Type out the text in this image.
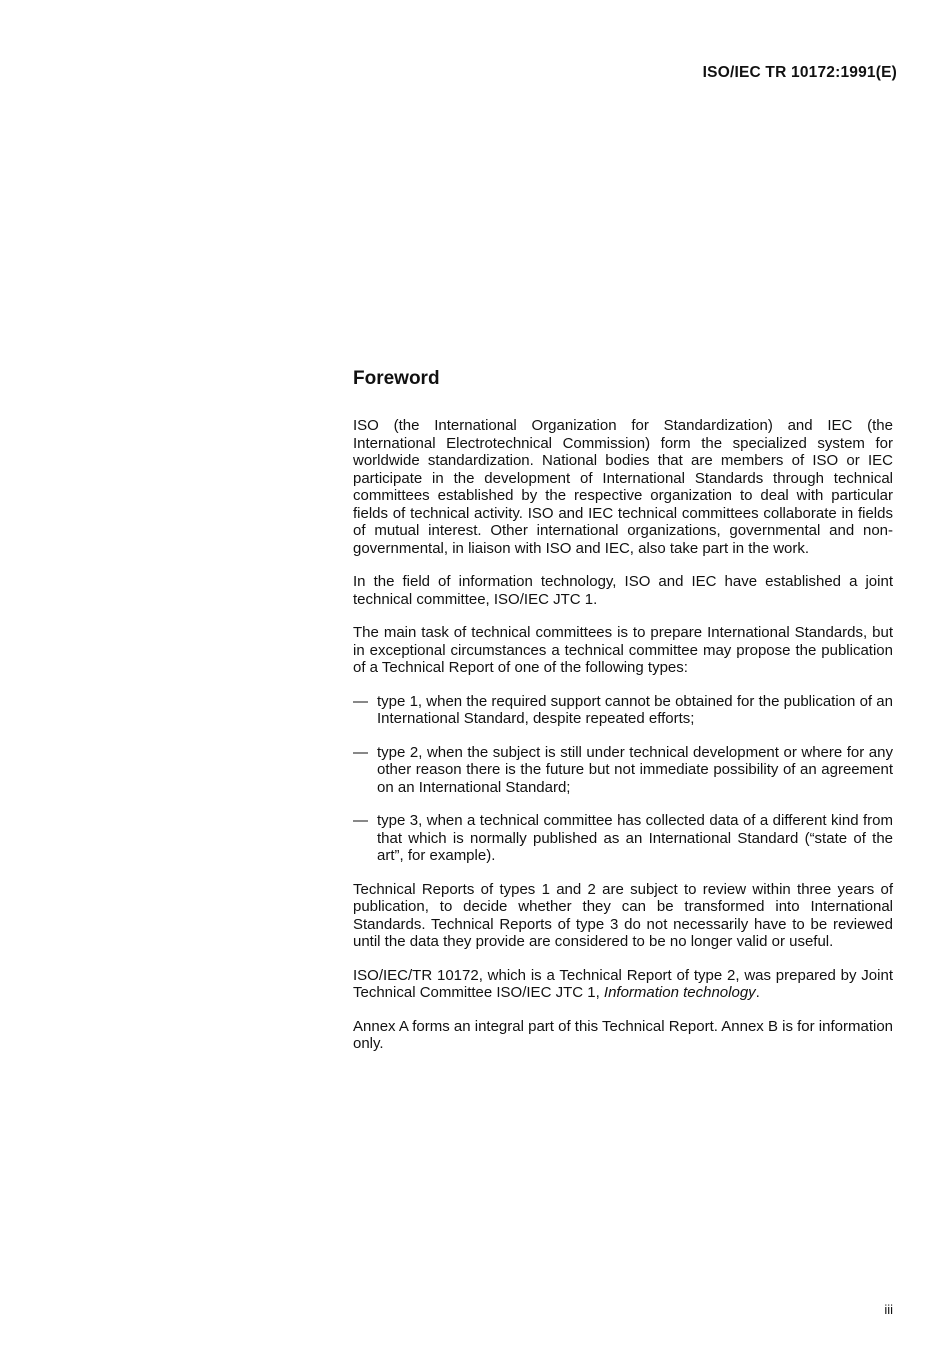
ISO/IEC TR 10172:1991(E)
Foreword

ISO (the International Organization for Standardization) and IEC (the International Electrotechnical Commission) form the specialized system for worldwide standardization. National bodies that are members of ISO or IEC participate in the development of International Standards through technical committees established by the respective organization to deal with particular fields of technical activity. ISO and IEC technical committees collaborate in fields of mutual interest. Other international organizations, governmental and non-governmental, in liaison with ISO and IEC, also take part in the work.

In the field of information technology, ISO and IEC have established a joint technical committee, ISO/IEC JTC 1.

The main task of technical committees is to prepare International Standards, but in exceptional circumstances a technical committee may propose the publication of a Technical Report of one of the following types:

— type 1, when the required support cannot be obtained for the publication of an International Standard, despite repeated efforts;
— type 2, when the subject is still under technical development or where for any other reason there is the future but not immediate possibility of an agreement on an International Standard;
— type 3, when a technical committee has collected data of a different kind from that which is normally published as an International Standard (“state of the art”, for example).

Technical Reports of types 1 and 2 are subject to review within three years of publication, to decide whether they can be transformed into International Standards. Technical Reports of type 3 do not necessarily have to be reviewed until the data they provide are considered to be no longer valid or useful.

ISO/IEC/TR 10172, which is a Technical Report of type 2, was prepared by Joint Technical Committee ISO/IEC JTC 1, Information technology.

Annex A forms an integral part of this Technical Report. Annex B is for information only.

iii
